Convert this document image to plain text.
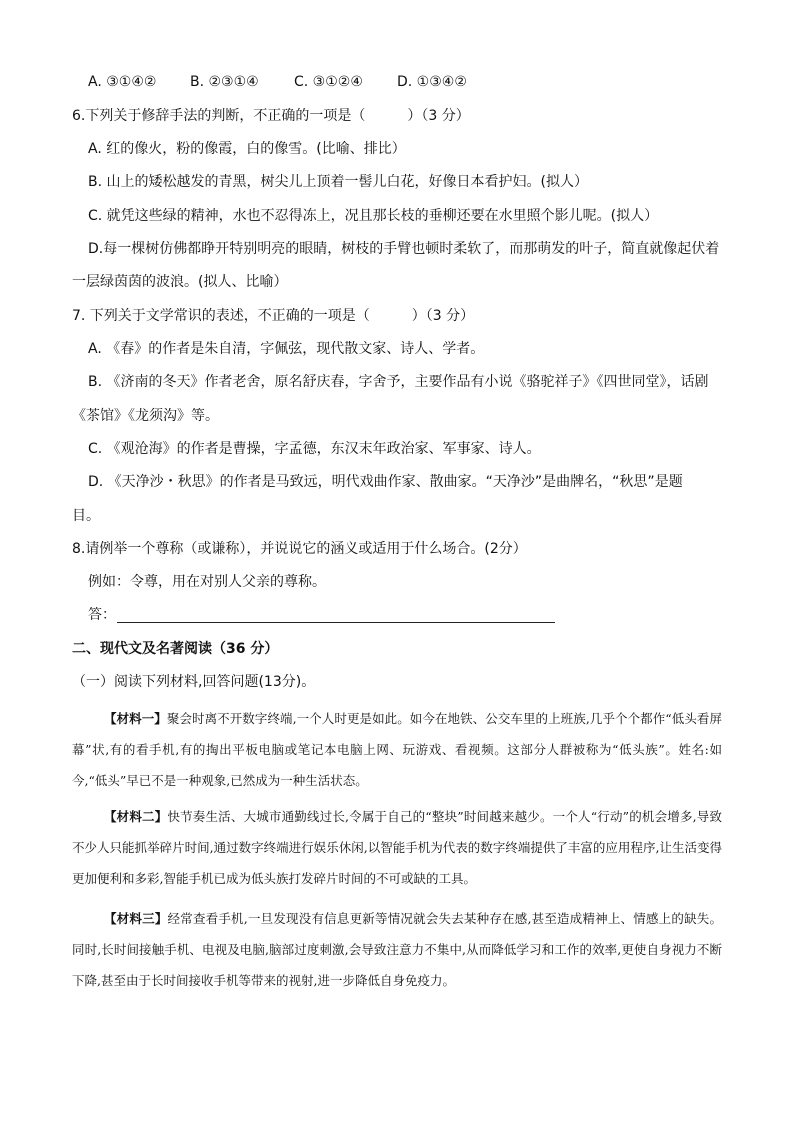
A. ③①④② B. ②③①④	C. ③①②④ D. ①③④②
6.下列关于修辞手法的判断，不正确的一项是（　　　）（3 分）
A. 红的像火，粉的像霞，白的像雪。(比喻、排比）
B. 山上的矮松越发的青黑，树尖儿上顶着一髻儿白花，好像日本看护妇。(拟人）
C. 就凭这些绿的精神，水也不忍得冻上，况且那长枝的垂柳还要在水里照个影儿呢。(拟人）
D.每一棵树仿佛都睁开特别明亮的眼睛，树枝的手臂也顿时柔软了，而那萌发的叶子，简直就像起伏着
一层绿茵茵的波浪。(拟人、比喻）
7. 下列关于文学常识的表述，不正确的一项是（　　　）（3 分）
A. 《春》的作者是朱自清，字佩弦，现代散文家、诗人、学者。
B. 《济南的冬天》作者老舍，原名舒庆春，字舍予，主要作品有小说《骆驼祥子》《四世同堂》，话剧
《茶馆》《龙须沟》等。
C. 《观沧海》的作者是曹操，字孟德，东汉末年政治家、军事家、诗人。
D. 《天净沙・秋思》的作者是马致远，明代戏曲作家、散曲家。“天净沙”是曲牌名，“秋思”是题
目。
8.请例举一个尊称（或谦称），并说说它的涵义或适用于什么场合。(2分）
例如：令尊，用在对别人父亲的尊称。
答：
二、现代文及名著阅读（36 分）
（一）阅读下列材料,回答问题(13分)。

【材料一】聚会时离不开数字终端,一个人时更是如此。如今在地铁、公交车里的上班族,几乎个个都作“低头看屏幕”状,有的看手机,有的掏出平板电脑或笔记本电脑上网、玩游戏、看视频。这部分人群被称为“低头族”。姓名:如今,“低头”早已不是一种观象,已然成为一种生活状态。

【材料二】快节奏生活、大城市通勤线过长,令属于自己的“整块”时间越来越少。一个人“行动”的机会增多,导致不少人只能抓举碎片时间,通过数字终端进行娱乐休闲,以智能手机为代表的数字终端提供了丰富的应用程序,让生活变得更加便利和多彩,智能手机已成为低头族打发碎片时间的不可或缺的工具。

【材料三】经常查看手机,一旦发现没有信息更新等情况就会失去某种存在感,甚至造成精神上、情感上的缺失。同时,长时间接触手机、电视及电脑,脑部过度刺激,会导致注意力不集中,从而降低学习和工作的效率,更使自身视力不断下降,甚至由于长时间接收手机等带来的视射,进一步降低自身免疫力。
